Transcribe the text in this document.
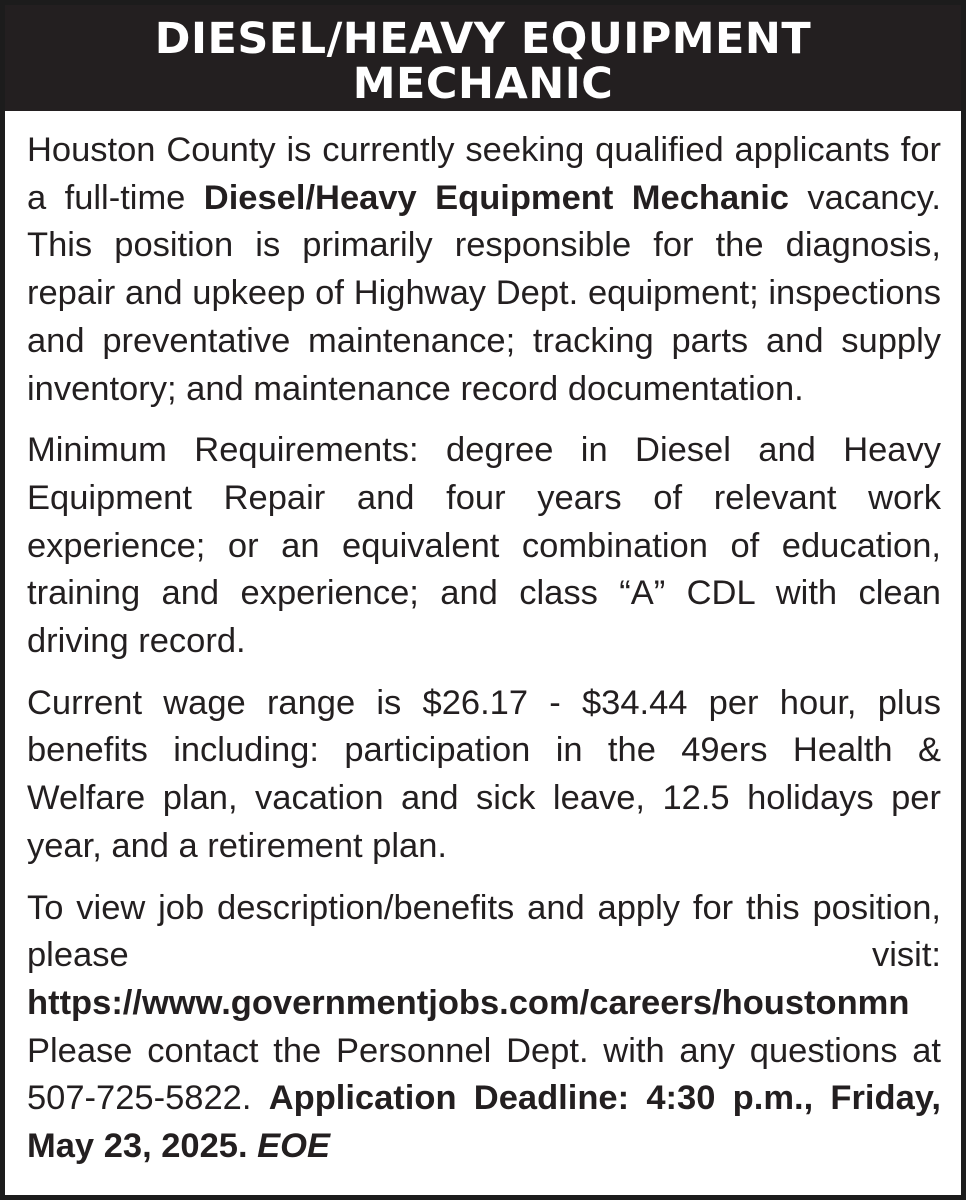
DIESEL/HEAVY EQUIPMENT
MECHANIC

Houston County is currently seeking qualified applicants for a full-time Diesel/Heavy Equipment Mechanic vacancy. This position is primarily responsible for the diagnosis, repair and upkeep of Highway Dept. equipment; inspections and preventative maintenance; tracking parts and supply inventory; and maintenance record documentation.

Minimum Requirements: degree in Diesel and Heavy Equipment Repair and four years of relevant work experience; or an equivalent combination of education, training and experience; and class “A” CDL with clean driving record.

Current wage range is $26.17 - $34.44 per hour, plus benefits including: participation in the 49ers Health & Welfare plan, vacation and sick leave, 12.5 holidays per year, and a retirement plan.

To view job description/benefits and apply for this position, please visit: https://www.governmentjobs.com/careers/houstonmn Please contact the Personnel Dept. with any questions at 507-725-5822. Application Deadline: 4:30 p.m., Friday, May 23, 2025. EOE
